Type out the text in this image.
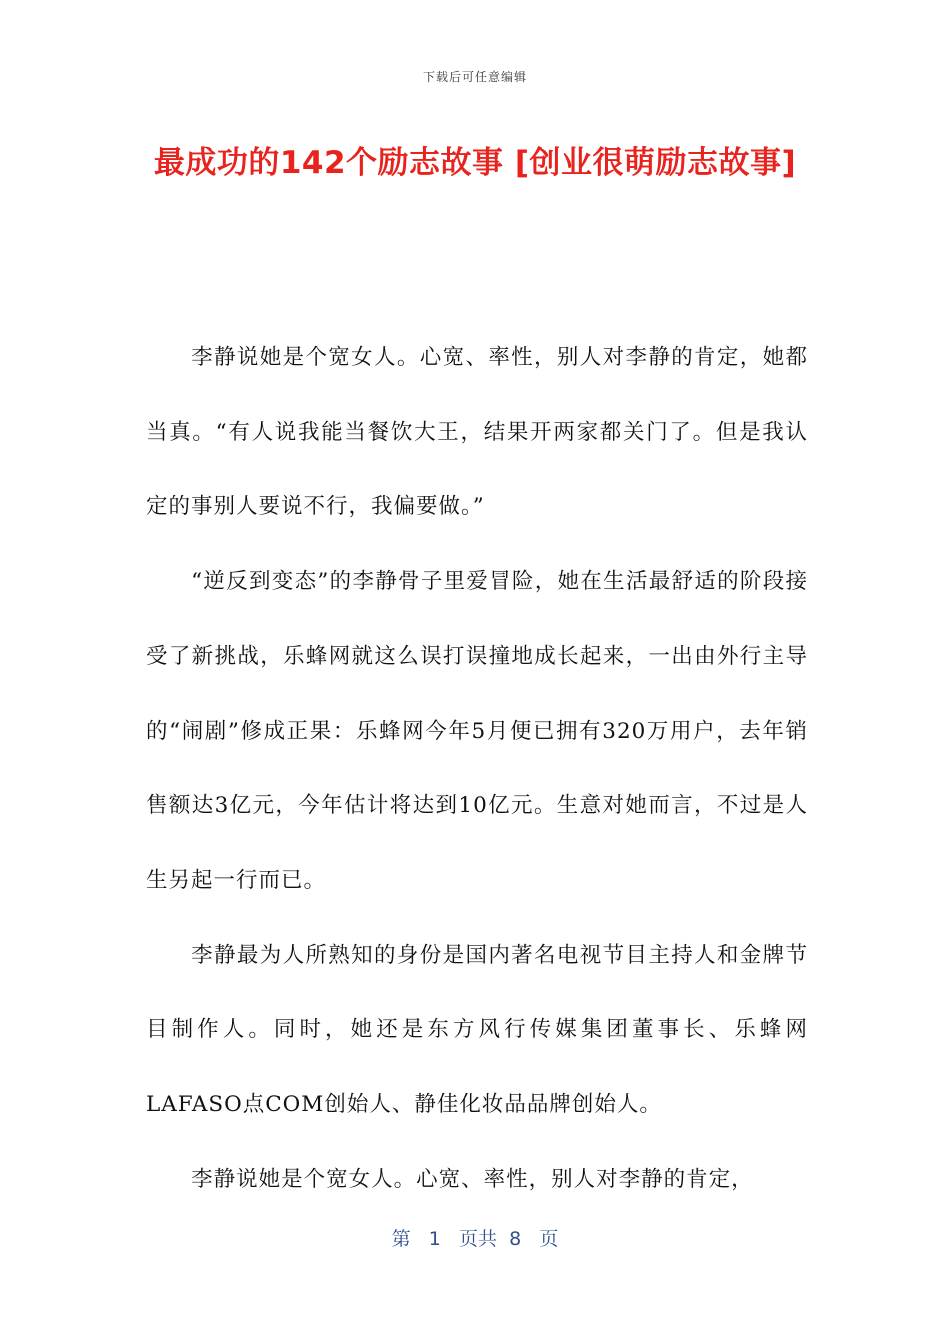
下载后可任意编辑
最成功的142个励志故事 [创业很萌励志故事]

李静说她是个宽女人。心宽、率性，别人对李静的肯定，她都当真。“有人说我能当餐饮大王，结果开两家都关门了。但是我认定的事别人要说不行，我偏要做。”

“逆反到变态”的李静骨子里爱冒险，她在生活最舒适的阶段接受了新挑战，乐蜂网就这么误打误撞地成长起来，一出由外行主导的“闹剧”修成正果：乐蜂网今年5月便已拥有320万用户，去年销售额达3亿元，今年估计将达到10亿元。生意对她而言，不过是人生另起一行而已。

李静最为人所熟知的身份是国内著名电视节目主持人和金牌节目制作人。同时，她还是东方风行传媒集团董事长、乐蜂网LAFASO点COM创始人、静佳化妆品品牌创始人。

李静说她是个宽女人。心宽、率性，别人对李静的肯定，

第 1 页共 8 页
